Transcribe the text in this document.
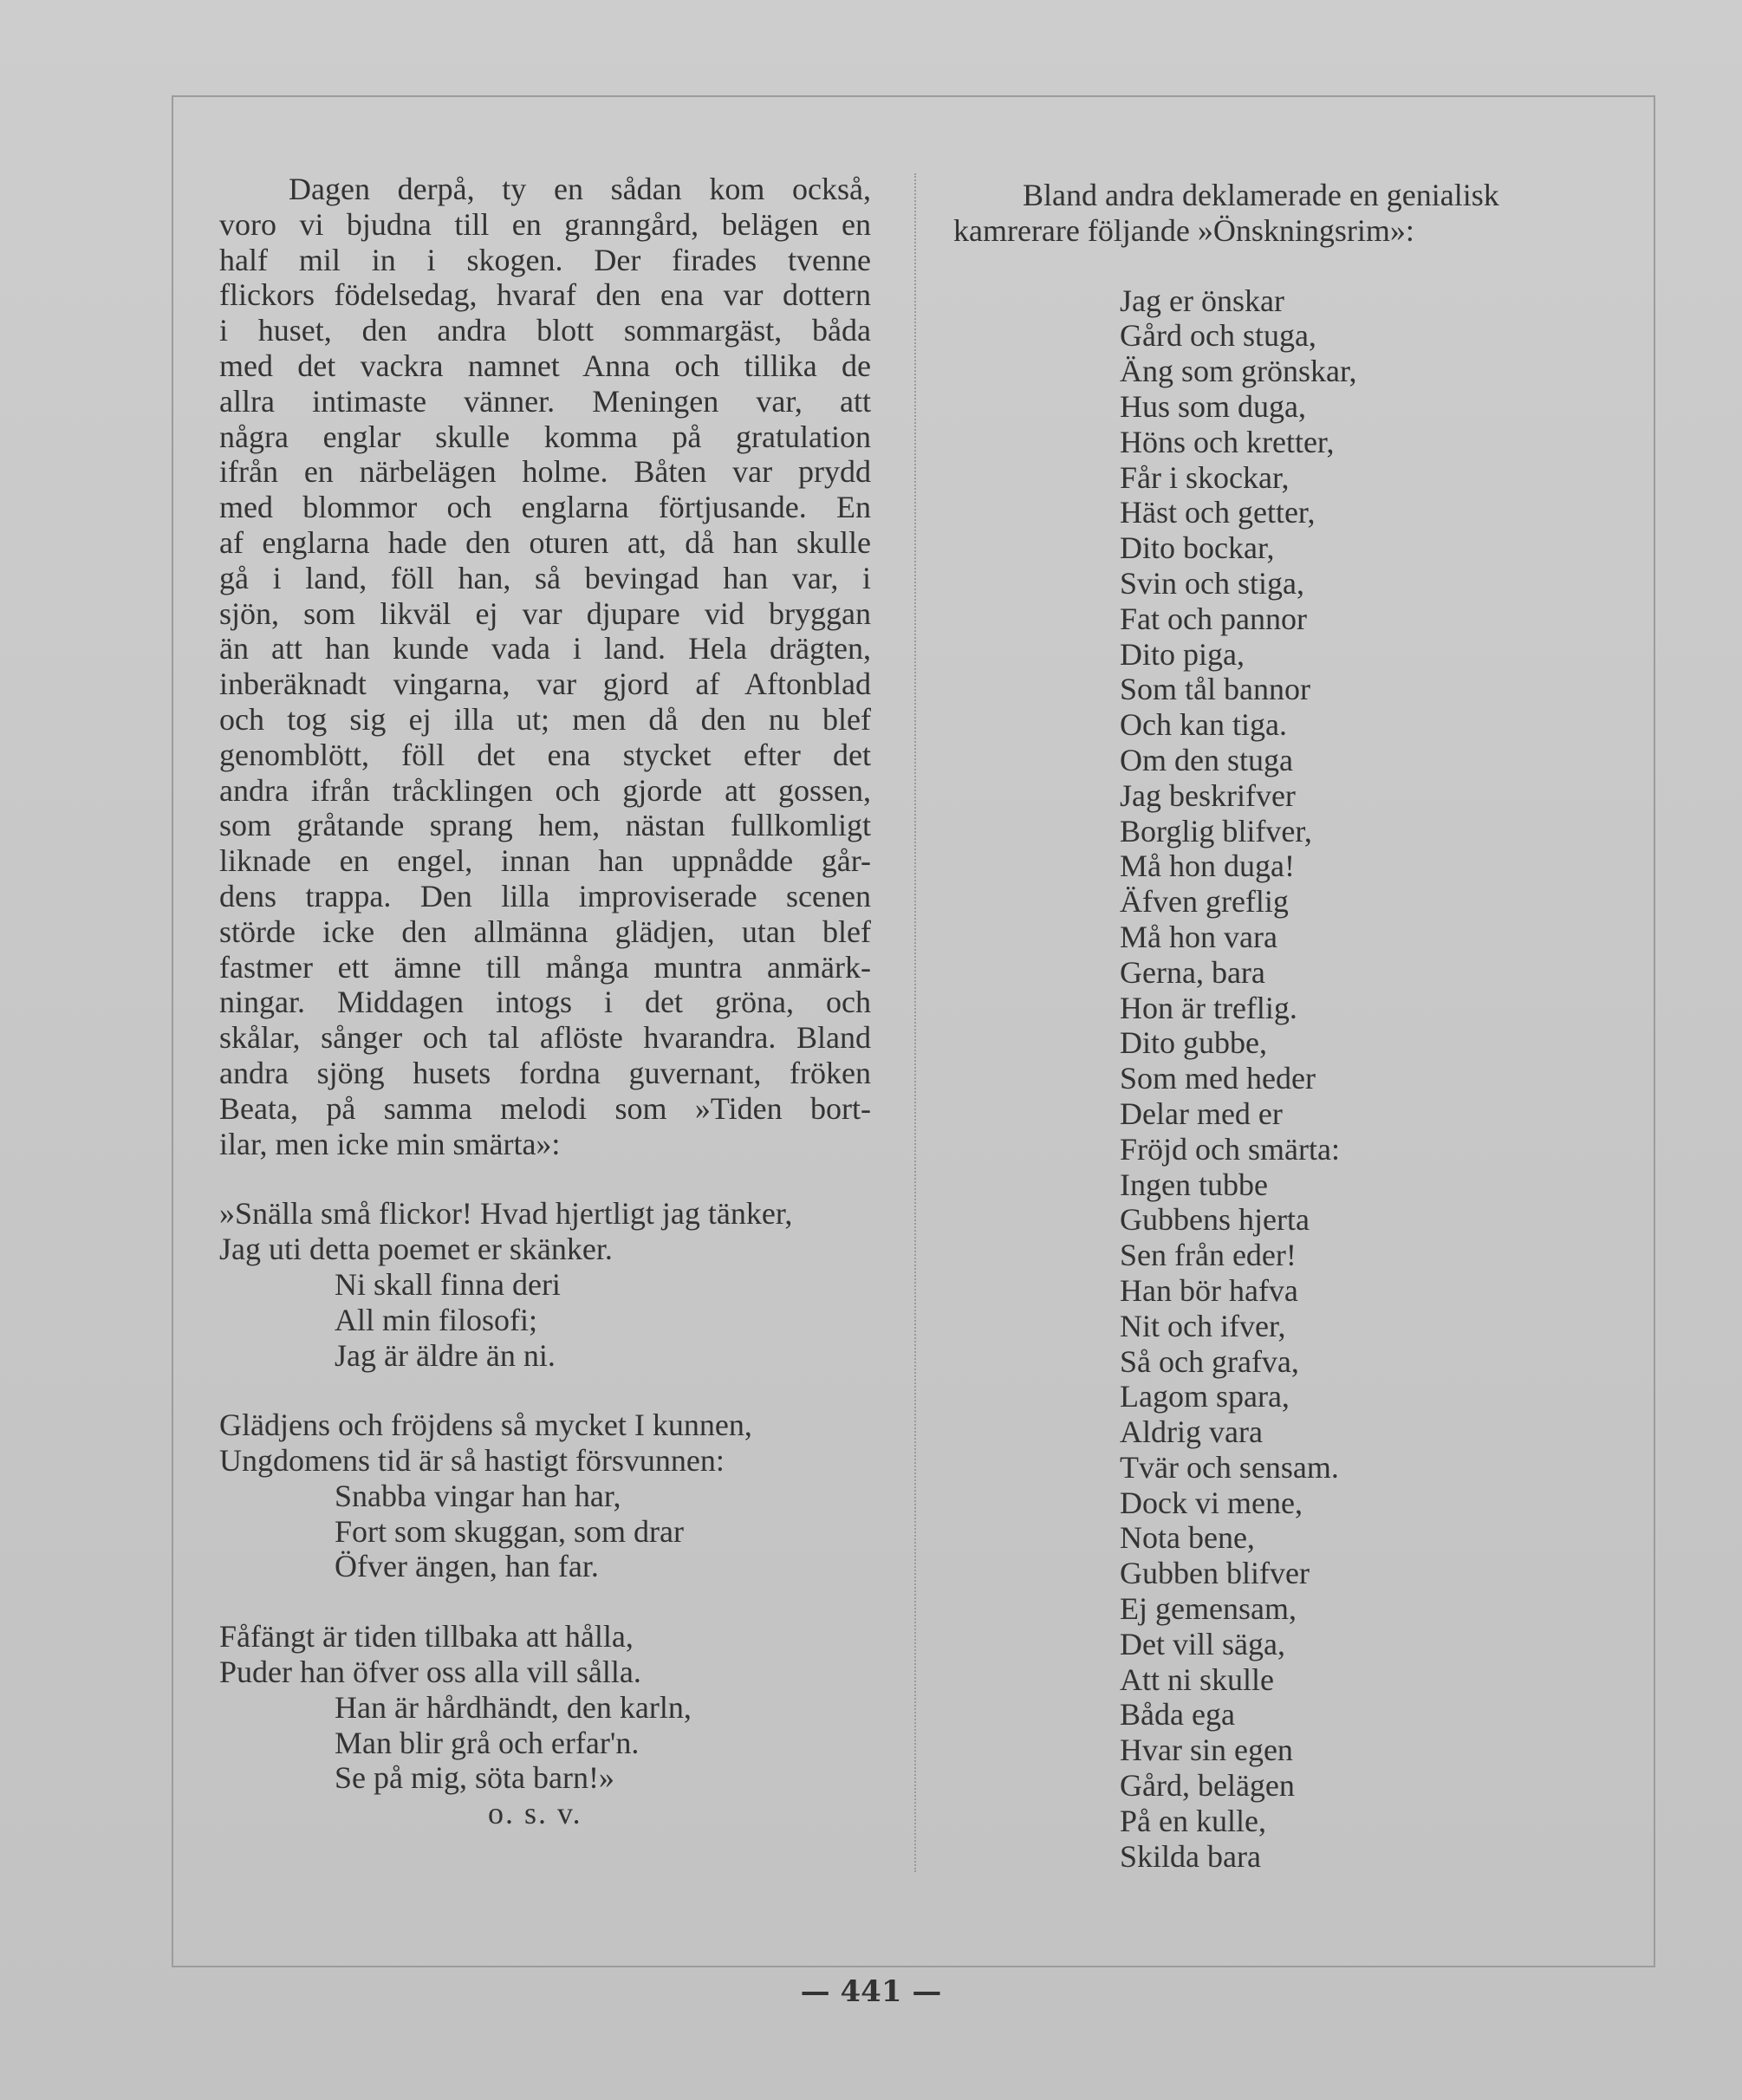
Dagen derpå, ty en sådan kom också,
voro vi bjudna till en granngård, belägen en
half mil in i skogen. Der firades tvenne
flickors födelsedag, hvaraf den ena var dottern
i huset, den andra blott sommargäst, båda
med det vackra namnet Anna och tillika de
allra intimaste vänner. Meningen var, att
några englar skulle komma på gratulation
ifrån en närbelägen holme. Båten var prydd
med blommor och englarna förtjusande. En
af englarna hade den oturen att, då han skulle
gå i land, föll han, så bevingad han var, i
sjön, som likväl ej var djupare vid bryggan
än att han kunde vada i land. Hela drägten,
inberäknadt vingarna, var gjord af Aftonblad
och tog sig ej illa ut; men då den nu blef
genomblött, föll det ena stycket efter det
andra ifrån tråcklingen och gjorde att gossen,
som gråtande sprang hem, nästan fullkomligt
liknade en engel, innan han uppnådde går-
dens trappa. Den lilla improviserade scenen
störde icke den allmänna glädjen, utan blef
fastmer ett ämne till många muntra anmärk-
ningar. Middagen intogs i det gröna, och
skålar, sånger och tal aflöste hvarandra. Bland
andra sjöng husets fordna guvernant, fröken
Beata, på samma melodi som »Tiden bort-
ilar, men icke min smärta»:
»Snälla små flickor! Hvad hjertligt jag tänker,
Jag uti detta poemet er skänker.
Ni skall finna deri
All min filosofi;
Jag är äldre än ni.
Glädjens och fröjdens så mycket I kunnen,
Ungdomens tid är så hastigt försvunnen:
Snabba vingar han har,
Fort som skuggan, som drar
Öfver ängen, han far.
Fåfängt är tiden tillbaka att hålla,
Puder han öfver oss alla vill sålla.
Han är hårdhändt, den karln,
Man blir grå och erfar'n.
Se på mig, söta barn!»
o. s. v.
Bland andra deklamerade en genialisk
kamrerare följande »Önskningsrim»:
Jag er önskar
Gård och stuga,
Äng som grönskar,
Hus som duga,
Höns och kretter,
Får i skockar,
Häst och getter,
Dito bockar,
Svin och stiga,
Fat och pannor
Dito piga,
Som tål bannor
Och kan tiga.
Om den stuga
Jag beskrifver
Borglig blifver,
Må hon duga!
Äfven greflig
Må hon vara
Gerna, bara
Hon är treflig.
Dito gubbe,
Som med heder
Delar med er
Fröjd och smärta:
Ingen tubbe
Gubbens hjerta
Sen från eder!
Han bör hafva
Nit och ifver,
Så och grafva,
Lagom spara,
Aldrig vara
Tvär och sensam.
Dock vi mene,
Nota bene,
Gubben blifver
Ej gemensam,
Det vill säga,
Att ni skulle
Båda ega
Hvar sin egen
Gård, belägen
På en kulle,
Skilda bara
— 441 —
